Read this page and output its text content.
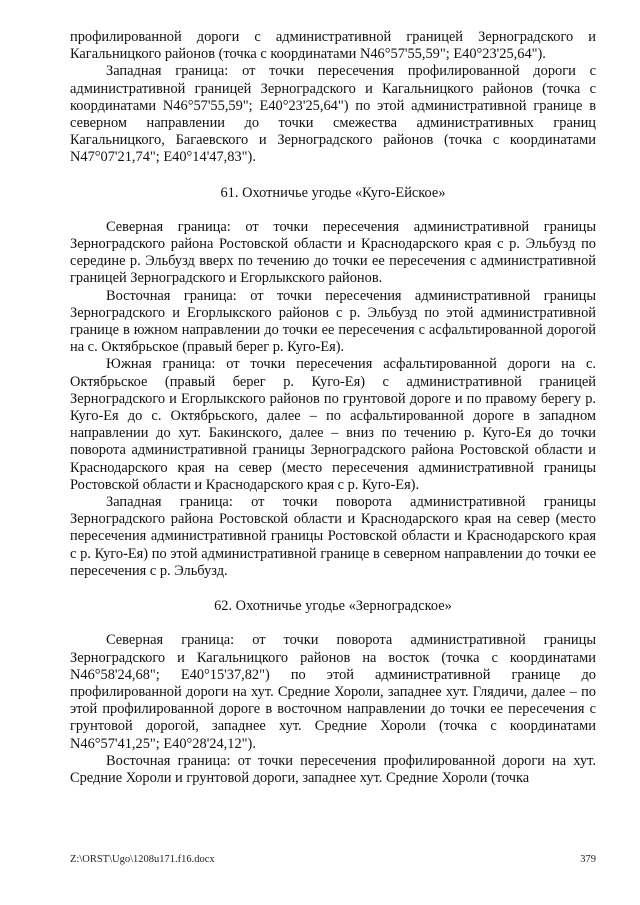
профилированной дороги с административной границей Зерноградского и Кагальницкого районов (точка с координатами N46°57'55,59"; E40°23'25,64").

Западная граница: от точки пересечения профилированной дороги с административной границей Зерноградского и Кагальницкого районов (точка с координатами N46°57'55,59"; E40°23'25,64") по этой административной границе в северном направлении до точки смежества административных границ Кагальницкого, Багаевского и Зерноградского районов (точка с координатами N47°07'21,74"; E40°14'47,83").

61. Охотничье угодье «Куго-Ейское»

Северная граница: от точки пересечения административной границы Зерноградского района Ростовской области и Краснодарского края с р. Эльбузд по середине р. Эльбузд вверх по течению до точки ее пересечения с административной границей Зерноградского и Егорлыкского районов.

Восточная граница: от точки пересечения административной границы Зерноградского и Егорлыкского районов с р. Эльбузд по этой административной границе в южном направлении до точки ее пересечения с асфальтированной дорогой на с. Октябрьское (правый берег р. Куго-Ея).

Южная граница: от точки пересечения асфальтированной дороги на с. Октябрьское (правый берег р. Куго-Ея) с административной границей Зерноградского и Егорлыкского районов по грунтовой дороге и по правому берегу р. Куго-Ея до с. Октябрьского, далее – по асфальтированной дороге в западном направлении до хут. Бакинского, далее – вниз по течению р. Куго-Ея до точки поворота административной границы Зерноградского района Ростовской области и Краснодарского края на север (место пересечения административной границы Ростовской области и Краснодарского края с р. Куго-Ея).

Западная граница: от точки поворота административной границы Зерноградского района Ростовской области и Краснодарского края на север (место пересечения административной границы Ростовской области и Краснодарского края с р. Куго-Ея) по этой административной границе в северном направлении до точки ее пересечения с р. Эльбузд.

62. Охотничье угодье «Зерноградское»

Северная граница: от точки поворота административной границы Зерноградского и Кагальницкого районов на восток (точка с координатами N46°58'24,68"; E40°15'37,82") по этой административной границе до профилированной дороги на хут. Средние Хороли, западнее хут. Глядичи, далее – по этой профилированной дороге в восточном направлении до точки ее пересечения с грунтовой дорогой, западнее хут. Средние Хороли (точка с координатами N46°57'41,25"; E40°28'24,12").

Восточная граница: от точки пересечения профилированной дороги на хут. Средние Хороли и грунтовой дороги, западнее хут. Средние Хороли (точка

Z:\ORST\Ugo\1208u171.f16.docx	379
